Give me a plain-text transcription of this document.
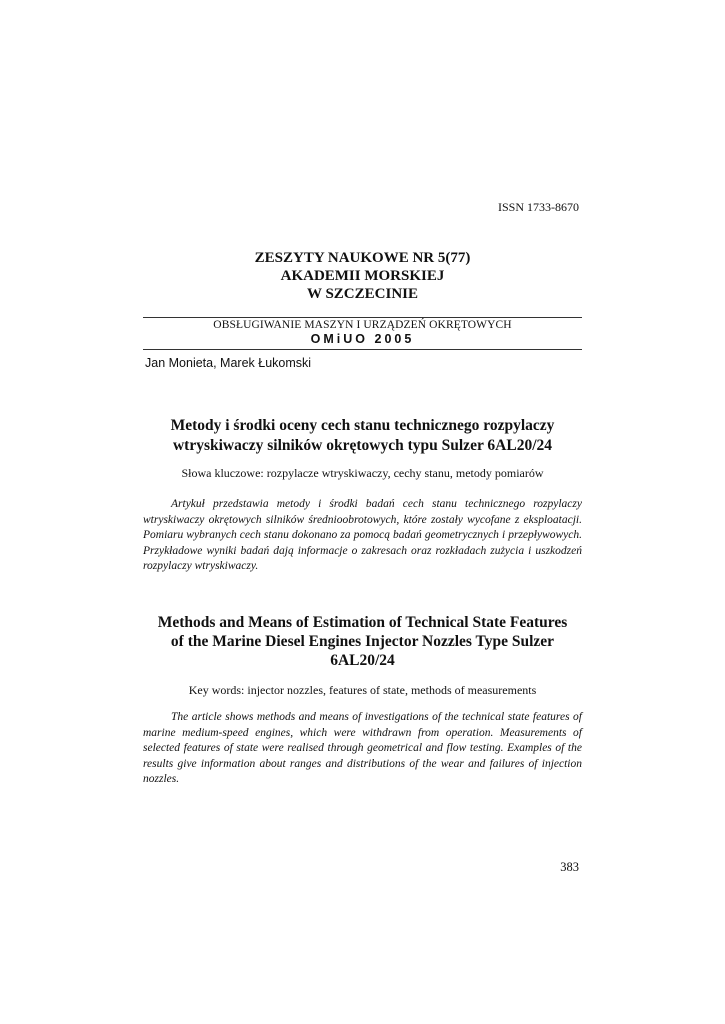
ISSN 1733-8670
ZESZYTY NAUKOWE NR 5(77)
AKADEMII MORSKIEJ
W SZCZECINIE
OBSŁUGIWANIE MASZYN I URZĄDZEŃ OKRĘTOWYCH
OMiUO 2005
Jan Monieta, Marek Łukomski
Metody i środki oceny cech stanu technicznego rozpylaczy
wtryskiwaczy silników okrętowych typu Sulzer 6AL20/24
Słowa kluczowe: rozpylacze wtryskiwaczy, cechy stanu, metody pomiarów
Artykuł przedstawia metody i środki badań cech stanu technicznego rozpylaczy wtryskiwaczy okrętowych silników średnioobrotowych, które zostały wycofane z eksploatacji. Pomiaru wybranych cech stanu dokonano za pomocą badań geometrycznych i przepływowych. Przykładowe wyniki badań dają informacje o zakresach oraz rozkładach zużycia i uszkodzeń rozpylaczy wtryskiwaczy.
Methods and Means of Estimation of Technical State Features
of the Marine Diesel Engines Injector Nozzles Type Sulzer
6AL20/24
Key words: injector nozzles, features of state, methods of measurements
The article shows methods and means of investigations of the technical state features of marine medium-speed engines, which were withdrawn from operation. Measurements of selected features of state were realised through geometrical and flow testing. Examples of the results give information about ranges and distributions of the wear and failures of injection nozzles.
383
